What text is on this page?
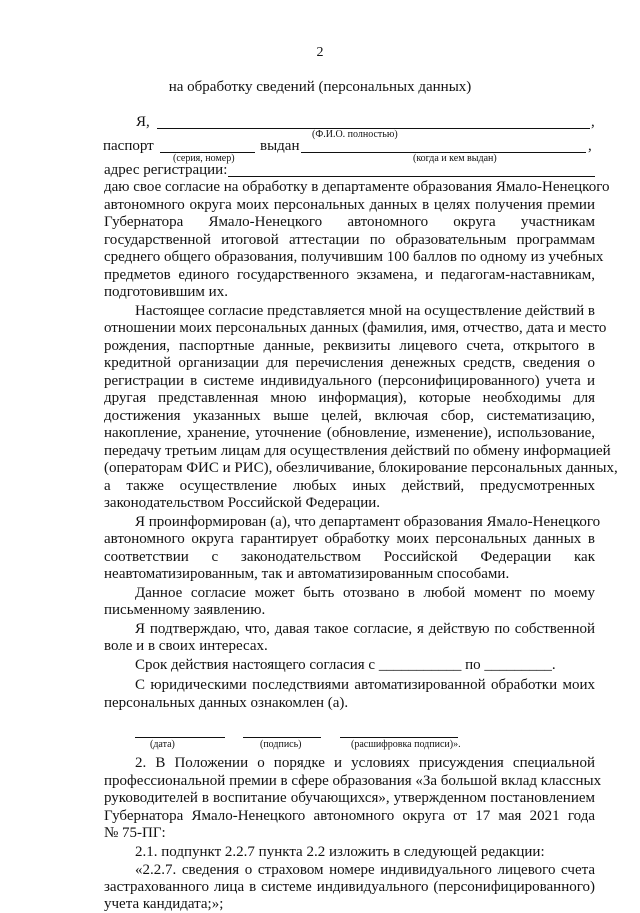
2
на обработку сведений (персональных данных)
Я,	,
(Ф.И.О. полностью)
паспорт	выдан	,
(серия, номер)	(когда и кем выдан)
адрес регистрации:
даю свое согласие на обработку в департаменте образования Ямало-Ненецкого
автономного округа моих персональных данных в целях получения премии
Губернатора Ямало-Ненецкого автономного округа участникам
государственной итоговой аттестации по образовательным программам
среднего общего образования, получившим 100 баллов по одному из учебных
предметов единого государственного экзамена, и педагогам-наставникам,
подготовившим их.
Настоящее согласие представляется мной на осуществление действий в
отношении моих персональных данных (фамилия, имя, отчество, дата и место
рождения, паспортные данные, реквизиты лицевого счета, открытого в
кредитной организации для перечисления денежных средств, сведения о
регистрации в системе индивидуального (персонифицированного) учета и
другая представленная мною информация), которые необходимы для
достижения указанных выше целей, включая сбор, систематизацию,
накопление, хранение, уточнение (обновление, изменение), использование,
передачу третьим лицам для осуществления действий по обмену информацией
(операторам ФИС и РИС), обезличивание, блокирование персональных данных,
а также осуществление любых иных действий, предусмотренных
законодательством Российской Федерации.
Я проинформирован (а), что департамент образования Ямало-Ненецкого
автономного округа гарантирует обработку моих персональных данных в
соответствии с законодательством Российской Федерации как
неавтоматизированным, так и автоматизированным способами.
Данное согласие может быть отозвано в любой момент по моему
письменному заявлению.
Я подтверждаю, что, давая такое согласие, я действую по собственной
воле и в своих интересах.
Срок действия настоящего согласия с ___________ по _________.
С юридическими последствиями автоматизированной обработки моих
персональных данных ознакомлен (а).
(дата)	(подпись)	(расшифровка подписи)».
2. В Положении о порядке и условиях присуждения специальной
профессиональной премии в сфере образования «За большой вклад классных
руководителей в воспитание обучающихся», утвержденном постановлением
Губернатора Ямало-Ненецкого автономного округа от 17 мая 2021 года
№ 75-ПГ:
2.1. подпункт 2.2.7 пункта 2.2 изложить в следующей редакции:
«2.2.7. сведения о страховом номере индивидуального лицевого счета
застрахованного лица в системе индивидуального (персонифицированного)
учета кандидата;»;
